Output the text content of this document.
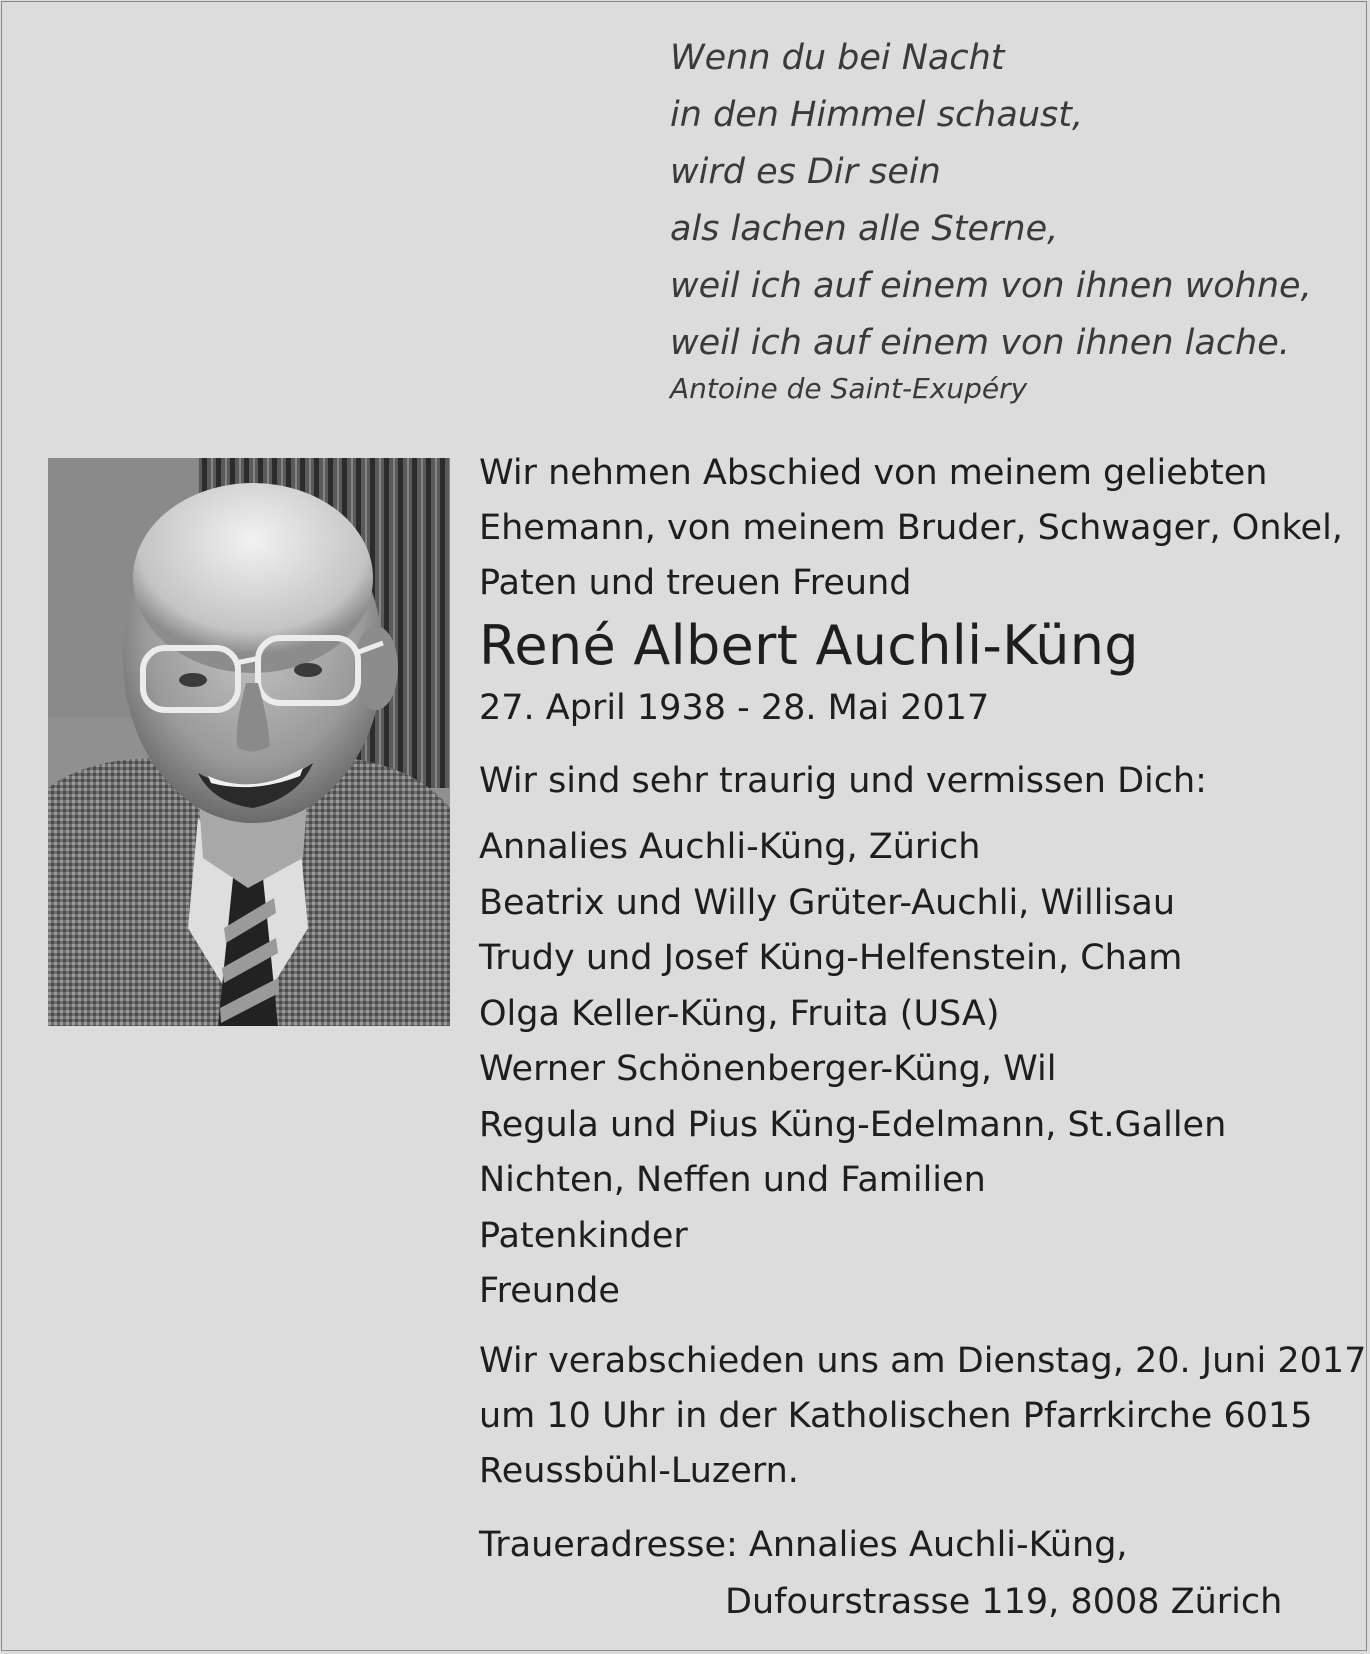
Wenn du bei Nacht
in den Himmel schaust,
wird es Dir sein
als lachen alle Sterne,
weil ich auf einem von ihnen wohne,
weil ich auf einem von ihnen lache.
Antoine de Saint-Exupéry
Wir nehmen Abschied von meinem geliebten
Ehemann, von meinem Bruder, Schwager, Onkel,
Paten und treuen Freund
René Albert Auchli-Küng
27. April 1938 - 28. Mai 2017
Wir sind sehr traurig und vermissen Dich:
Annalies Auchli-Küng, Zürich
Beatrix und Willy Grüter-Auchli, Willisau
Trudy und Josef Küng-Helfenstein, Cham
Olga Keller-Küng, Fruita (USA)
Werner Schönenberger-Küng, Wil
Regula und Pius Küng-Edelmann, St.Gallen
Nichten, Neffen und Familien
Patenkinder
Freunde
Wir verabschieden uns am Dienstag, 20. Juni 2017
um 10 Uhr in der Katholischen Pfarrkirche 6015
Reussbühl-Luzern.
Traueradresse: Annalies Auchli-Küng,
Dufourstrasse 119, 8008 Zürich
